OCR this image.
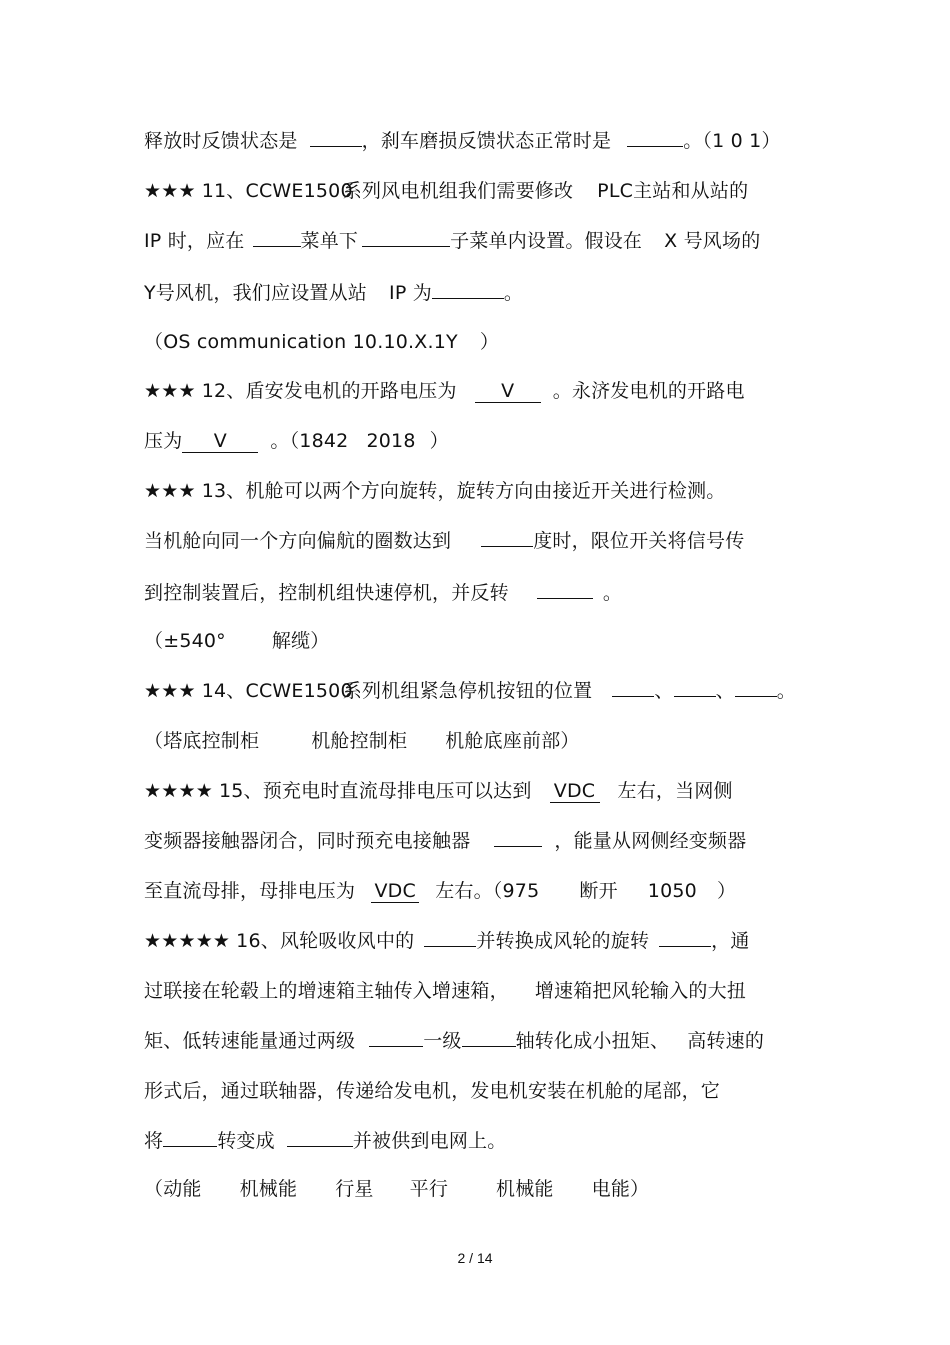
释放时反馈状态是	，刹车磨损反馈状态正常时是	。（1 0 1）
★★★ 11、CCWE1500系列风电机组我们需要修改 PLC主站和从站的
IP 时，应在	菜单下	子菜单内设置。假设在 X 号风场的
Y号风机，我们应设置从站 IP 为	。
（OS communication 10.10.X.1Y ）
★★★ 12、盾安发电机的开路电压为 V 。永济发电机的开路电
压为 V 。（1842 2018 ）
★★★ 13、机舱可以两个方向旋转，旋转方向由接近开关进行检测。
当机舱向同一个方向偏航的圈数达到	度时，限位开关将信号传
到控制装置后，控制机组快速停机，并反转	。
（±540° 解缆）
★★★ 14、CCWE1500系列机组紧急停机按钮的位置	、 、 。
（塔底控制柜	机舱控制柜 机舱底座前部）
★★★★ 15、预充电时直流母排电压可以达到 VDC 左右，当网侧
变频器接触器闭合，同时预充电接触器	，能量从网侧经变频器
至直流母排，母排电压为 VDC 左右。（975 断开 1050 ）
★★★★★ 16、风轮吸收风中的	并转换成风轮的旋转	，通
过联接在轮毂上的增速箱主轴传入增速箱， 增速箱把风轮输入的大扭
矩、低转速能量通过两级	一级	轴转化成小扭矩、 高转速的
形式后，通过联轴器，传递给发电机，发电机安装在机舱的尾部，它
将	转变成	并被供到电网上。
（动能 机械能 行星 平行	机械能 电能）
2 / 14
